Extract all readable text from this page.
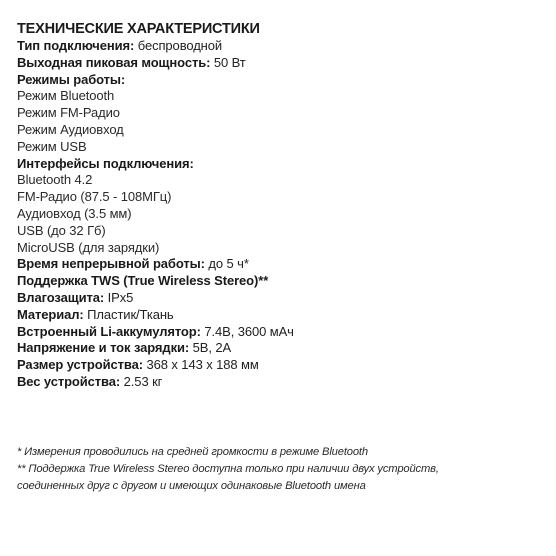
ТЕХНИЧЕСКИЕ ХАРАКТЕРИСТИКИ
Тип подключения: беспроводной
Выходная пиковая мощность: 50 Вт
Режимы работы:
Режим Bluetooth
Режим FM-Радио
Режим Аудиовход
Режим USB
Интерфейсы подключения:
Bluetooth 4.2
FM-Радио (87.5 - 108МГц)
Аудиовход (3.5 мм)
USB (до 32 Гб)
MicroUSB (для зарядки)
Время непрерывной работы: до 5 ч*
Поддержка TWS (True Wireless Stereo)**
Влагозащита: IPx5
Материал: Пластик/Ткань
Встроенный Li-аккумулятор: 7.4В, 3600 мАч
Напряжение и ток зарядки: 5В, 2А
Размер устройства: 368 x 143 x 188 мм
Вес устройства: 2.53 кг
* Измерения проводились на средней громкости в режиме Bluetooth
** Поддержка True Wireless Stereo доступна только при наличии двух устройств,
соединенных друг с другом и имеющих одинаковые Bluetooth имена
